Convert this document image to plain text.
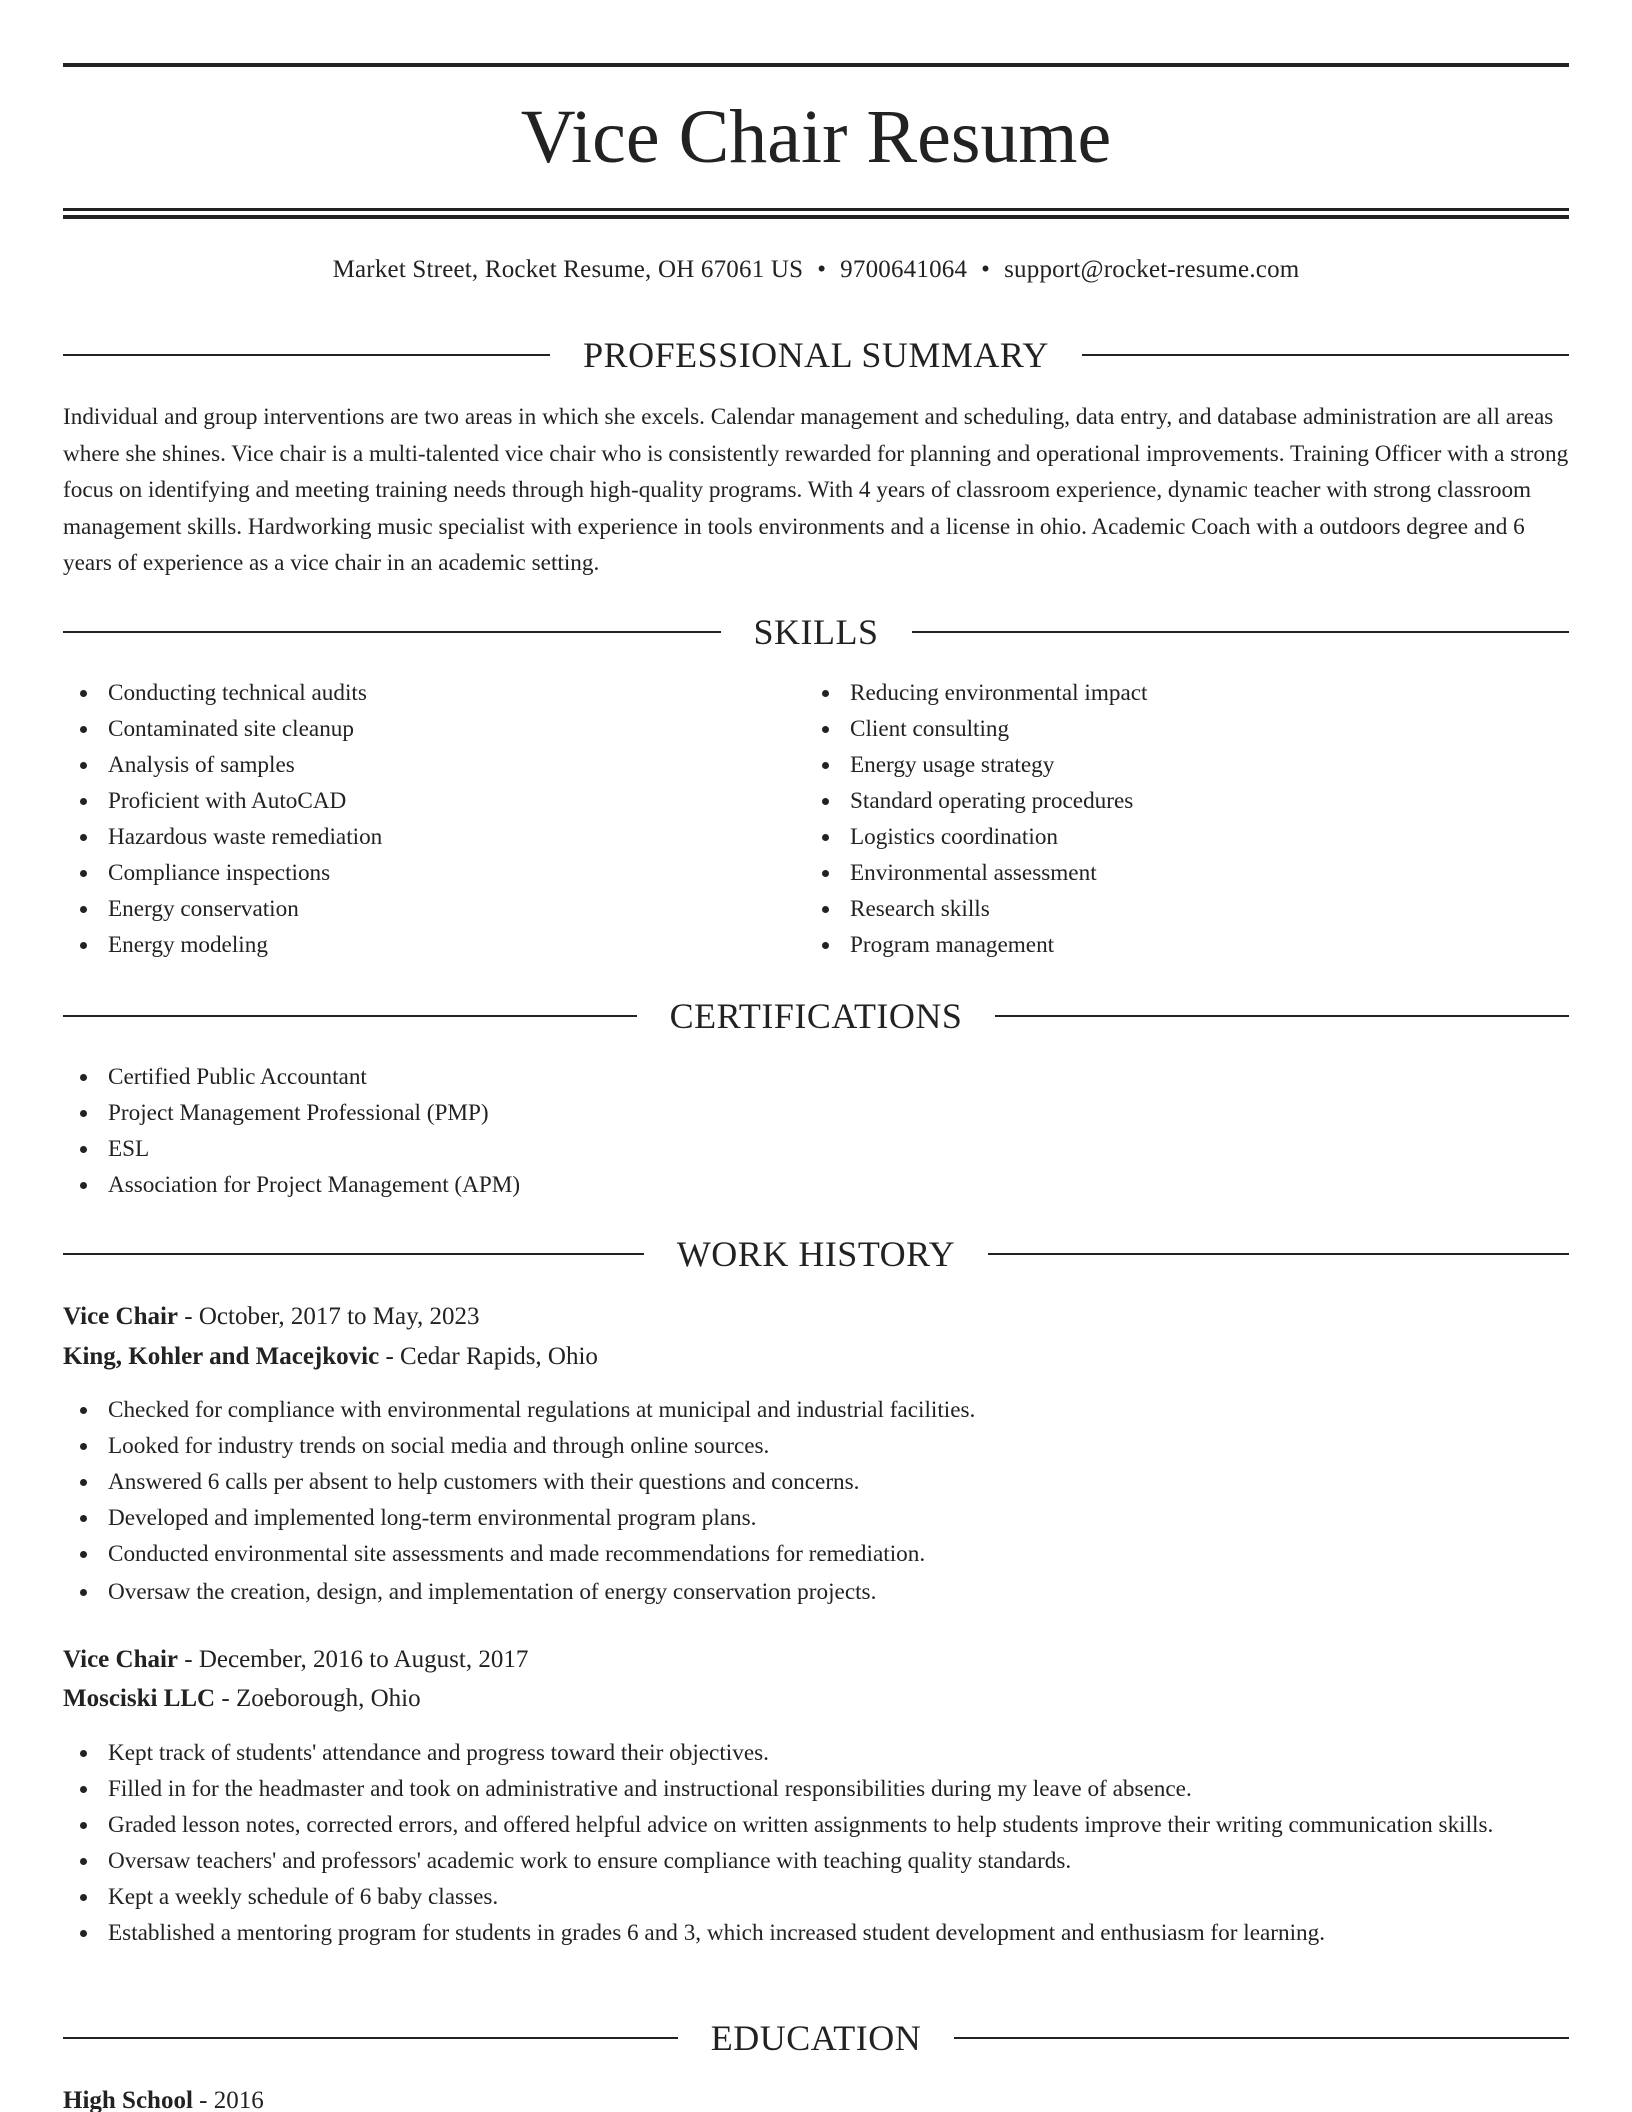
Vice Chair Resume
Market Street, Rocket Resume, OH 67061 US • 9700641064 • support@rocket-resume.com
PROFESSIONAL SUMMARY

Individual and group interventions are two areas in which she excels. Calendar management and scheduling, data entry, and database administration are all areas where she shines. Vice chair is a multi-talented vice chair who is consistently rewarded for planning and operational improvements. Training Officer with a strong focus on identifying and meeting training needs through high-quality programs. With 4 years of classroom experience, dynamic teacher with strong classroom management skills. Hardworking music specialist with experience in tools environments and a license in ohio. Academic Coach with a outdoors degree and 6 years of experience as a vice chair in an academic setting.

SKILLS
Conducting technical audits
Contaminated site cleanup
Analysis of samples
Proficient with AutoCAD
Hazardous waste remediation
Compliance inspections
Energy conservation
Energy modeling
Reducing environmental impact
Client consulting
Energy usage strategy
Standard operating procedures
Logistics coordination
Environmental assessment
Research skills
Program management
CERTIFICATIONS
Certified Public Accountant
Project Management Professional (PMP)
ESL
Association for Project Management (APM)
WORK HISTORY
Vice Chair - October, 2017 to May, 2023
King, Kohler and Macejkovic - Cedar Rapids, Ohio
Checked for compliance with environmental regulations at municipal and industrial facilities.
Looked for industry trends on social media and through online sources.
Answered 6 calls per absent to help customers with their questions and concerns.
Developed and implemented long-term environmental program plans.
Conducted environmental site assessments and made recommendations for remediation.
Oversaw the creation, design, and implementation of energy conservation projects.
Vice Chair - December, 2016 to August, 2017
Mosciski LLC - Zoeborough, Ohio
Kept track of students' attendance and progress toward their objectives.
Filled in for the headmaster and took on administrative and instructional responsibilities during my leave of absence.
Graded lesson notes, corrected errors, and offered helpful advice on written assignments to help students improve their writing communication skills.
Oversaw teachers' and professors' academic work to ensure compliance with teaching quality standards.
Kept a weekly schedule of 6 baby classes.
Established a mentoring program for students in grades 6 and 3, which increased student development and enthusiasm for learning.
EDUCATION
High School - 2016
